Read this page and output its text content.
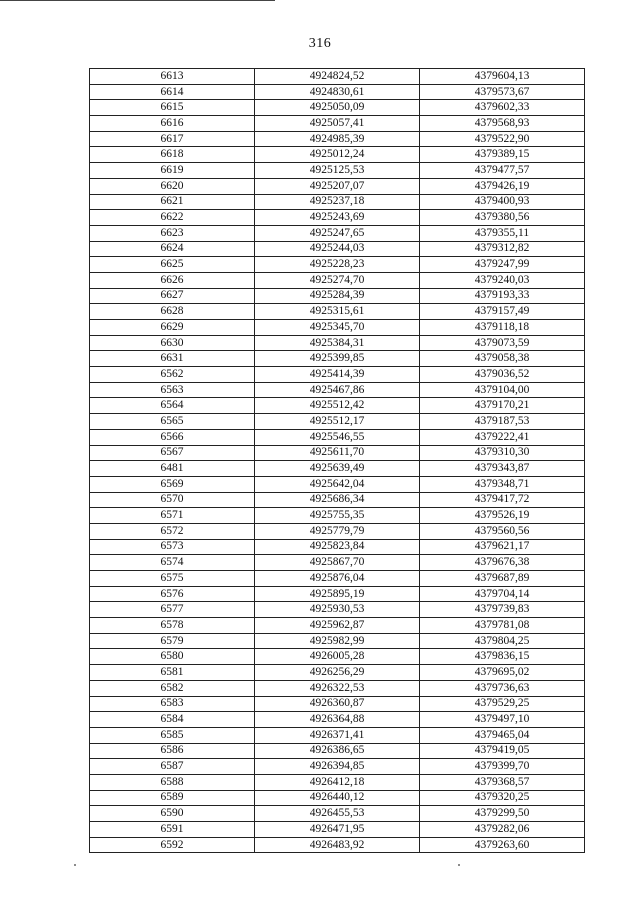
316
6613	4924824,52	4379604,13
6614	4924830,61	4379573,67
6615	4925050,09	4379602,33
6616	4925057,41	4379568,93
6617	4924985,39	4379522,90
6618	4925012,24	4379389,15
6619	4925125,53	4379477,57
6620	4925207,07	4379426,19
6621	4925237,18	4379400,93
6622	4925243,69	4379380,56
6623	4925247,65	4379355,11
6624	4925244,03	4379312,82
6625	4925228,23	4379247,99
6626	4925274,70	4379240,03
6627	4925284,39	4379193,33
6628	4925315,61	4379157,49
6629	4925345,70	4379118,18
6630	4925384,31	4379073,59
6631	4925399,85	4379058,38
6562	4925414,39	4379036,52
6563	4925467,86	4379104,00
6564	4925512,42	4379170,21
6565	4925512,17	4379187,53
6566	4925546,55	4379222,41
6567	4925611,70	4379310,30
6481	4925639,49	4379343,87
6569	4925642,04	4379348,71
6570	4925686,34	4379417,72
6571	4925755,35	4379526,19
6572	4925779,79	4379560,56
6573	4925823,84	4379621,17
6574	4925867,70	4379676,38
6575	4925876,04	4379687,89
6576	4925895,19	4379704,14
6577	4925930,53	4379739,83
6578	4925962,87	4379781,08
6579	4925982,99	4379804,25
6580	4926005,28	4379836,15
6581	4926256,29	4379695,02
6582	4926322,53	4379736,63
6583	4926360,87	4379529,25
6584	4926364,88	4379497,10
6585	4926371,41	4379465,04
6586	4926386,65	4379419,05
6587	4926394,85	4379399,70
6588	4926412,18	4379368,57
6589	4926440,12	4379320,25
6590	4926455,53	4379299,50
6591	4926471,95	4379282,06
6592	4926483,92	4379263,60
